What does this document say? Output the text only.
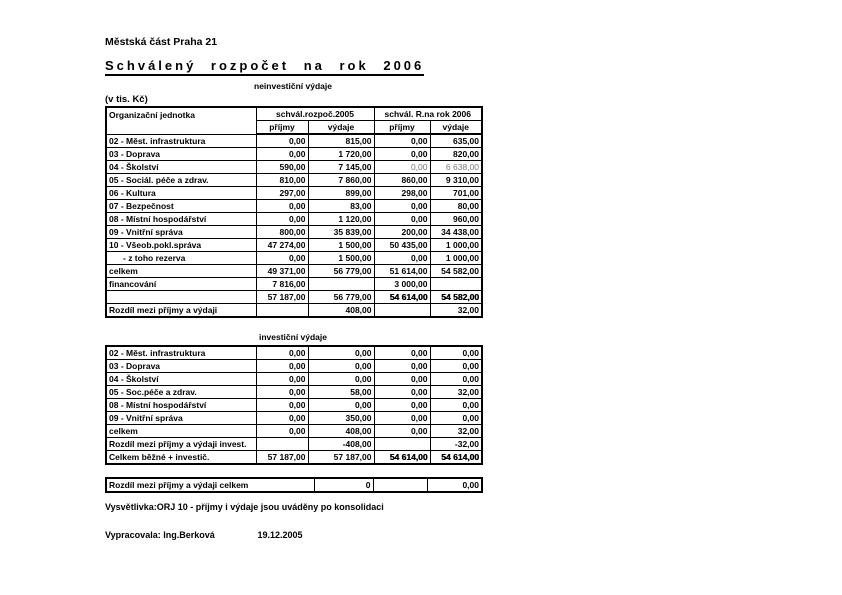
Městská část Praha 21
Schválený rozpočet na rok 2006
neinvestiční výdaje
(v tis. Kč)
Organizační jednotka	schvál.rozpoč.2005		schvál. R.na rok 2006	
	příjmy	výdaje	příjmy	výdaje
02 - Měst. infrastruktura	0,00	815,00	0,00	635,00
03 - Doprava	0,00	1 720,00	0,00	820,00
04 - Školství	590,00	7 145,00	0,00	6 638,00
05 - Sociál. péče a zdrav.	810,00	7 860,00	860,00	9 310,00
06 - Kultura	297,00	899,00	298,00	701,00
07 - Bezpečnost	0,00	83,00	0,00	80,00
08 - Místní hospodářství	0,00	1 120,00	0,00	960,00
09 - Vnitřní správa	800,00	35 839,00	200,00	34 438,00
10 - Všeob.pokl.správa	47 274,00	1 500,00	50 435,00	1 000,00
- z toho rezerva	0,00	1 500,00	0,00	1 000,00
celkem	49 371,00	56 779,00	51 614,00	54 582,00
financování	7 816,00		3 000,00	
	57 187,00	56 779,00	54 614,00	54 582,00
Rozdíl mezi příjmy a výdaji		408,00		32,00
investiční výdaje
02 - Měst. infrastruktura	0,00	0,00	0,00	0,00
03 - Doprava	0,00	0,00	0,00	0,00
04 - Školství	0,00	0,00	0,00	0,00
05 - Soc.péče a zdrav.	0,00	58,00	0,00	32,00
08 - Místní hospodářství	0,00	0,00	0,00	0,00
09 - Vnitřní správa	0,00	350,00	0,00	0,00
celkem	0,00	408,00	0,00	32,00
Rozdíl mezi příjmy a výdaji invest.		-408,00		-32,00
Celkem běžné + investič.	57 187,00	57 187,00	54 614,00	54 614,00
Rozdíl mezi příjmy a výdaji celkem	0		0,00
Vysvětlivka:ORJ 10 - příjmy i výdaje jsou uváděny po konsolidaci
Vypracovala: Ing.Berková	19.12.2005
